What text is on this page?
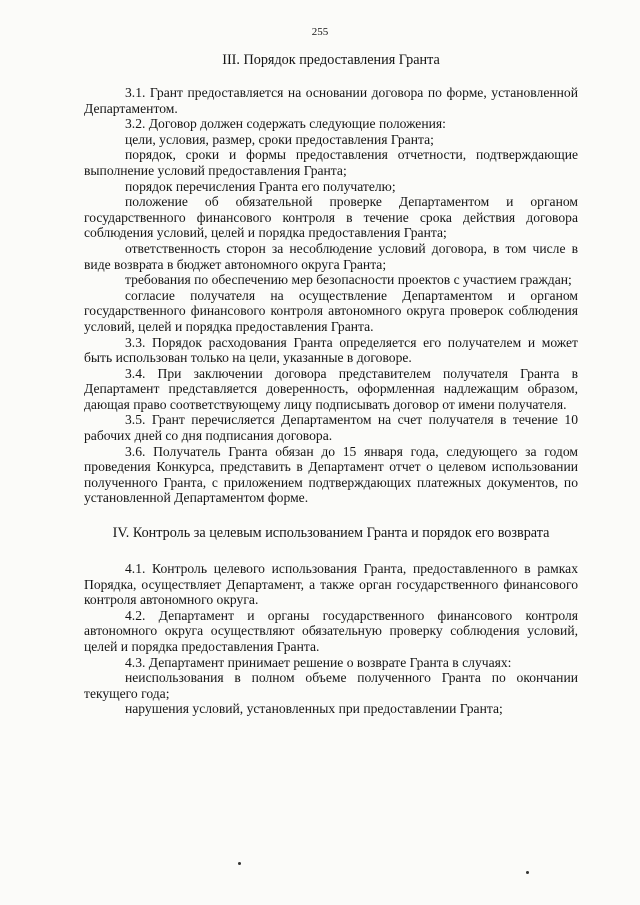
255
III. Порядок предоставления Гранта

3.1. Грант предоставляется на основании договора по форме, установленной Департаментом.

3.2. Договор должен содержать следующие положения:

цели, условия, размер, сроки предоставления Гранта;

порядок, сроки и формы предоставления отчетности, подтверждающие выполнение условий предоставления Гранта;

порядок перечисления Гранта его получателю;

положение об обязательной проверке Департаментом и органом государственного финансового контроля в течение срока действия договора соблюдения условий, целей и порядка предоставления Гранта;

ответственность сторон за несоблюдение условий договора, в том числе в виде возврата в бюджет автономного округа Гранта;

требования по обеспечению мер безопасности проектов с участием граждан;

согласие получателя на осуществление Департаментом и органом государственного финансового контроля автономного округа проверок соблюдения условий, целей и порядка предоставления Гранта.

3.3. Порядок расходования Гранта определяется его получателем и может быть использован только на цели, указанные в договоре.

3.4. При заключении договора представителем получателя Гранта в Департамент представляется доверенность, оформленная надлежащим образом, дающая право соответствующему лицу подписывать договор от имени получателя.

3.5. Грант перечисляется Департаментом на счет получателя в течение 10 рабочих дней со дня подписания договора.

3.6. Получатель Гранта обязан до 15 января года, следующего за годом проведения Конкурса, представить в Департамент отчет о целевом использовании полученного Гранта, с приложением подтверждающих платежных документов, по установленной Департаментом форме.

IV. Контроль за целевым использованием Гранта и порядок его возврата

4.1. Контроль целевого использования Гранта, предоставленного в рамках Порядка, осуществляет Департамент, а также орган государственного финансового контроля автономного округа.

4.2. Департамент и органы государственного финансового контроля автономного округа осуществляют обязательную проверку соблюдения условий, целей и порядка предоставления Гранта.

4.3. Департамент принимает решение о возврате Гранта в случаях:

неиспользования в полном объеме полученного Гранта по окончании текущего года;

нарушения условий, установленных при предоставлении Гранта;
